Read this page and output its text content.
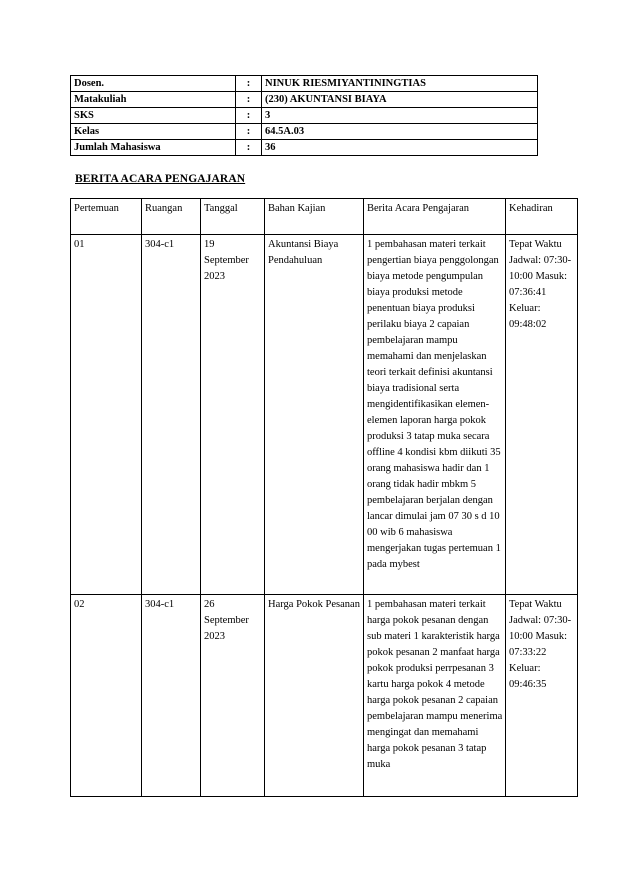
Dosen.	:	NINUK RIESMIYANTININGTIAS
Matakuliah	:	(230) AKUNTANSI BIAYA
SKS	:	3
Kelas	:	64.5A.03
Jumlah Mahasiswa	:	36
BERITA ACARA PENGAJARAN
Pertemuan	Ruangan	Tanggal	Bahan Kajian	Berita Acara Pengajaran	Kehadiran
01	304-c1	19 September 2023	Akuntansi Biaya Pendahuluan	1 pembahasan materi terkait pengertian biaya penggolongan biaya metode pengumpulan biaya produksi metode penentuan biaya produksi perilaku biaya 2 capaian pembelajaran mampu memahami dan menjelaskan teori terkait definisi akuntansi biaya tradisional serta mengidentifikasikan elemen-elemen laporan harga pokok produksi 3 tatap muka secara offline 4 kondisi kbm diikuti 35 orang mahasiswa hadir dan 1 orang tidak hadir mbkm 5 pembelajaran berjalan dengan lancar dimulai jam 07 30 s d 10 00 wib 6 mahasiswa mengerjakan tugas pertemuan 1 pada mybest	Tepat Waktu Jadwal: 07:30-10:00 Masuk: 07:36:41 Keluar: 09:48:02
02	304-c1	26 September 2023	Harga Pokok Pesanan	1 pembahasan materi terkait harga pokok pesanan dengan sub materi 1 karakteristik harga pokok pesanan 2 manfaat harga pokok produksi perrpesanan 3 kartu harga pokok 4 metode harga pokok pesanan 2 capaian pembelajaran mampu menerima mengingat dan memahami harga pokok pesanan 3 tatap muka	Tepat Waktu Jadwal: 07:30-10:00 Masuk: 07:33:22 Keluar: 09:46:35
